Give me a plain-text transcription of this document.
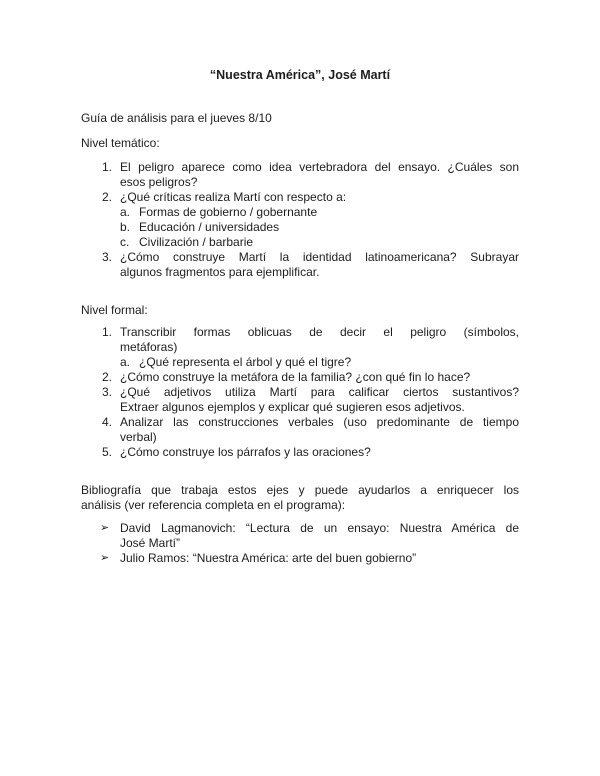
“Nuestra América”, José Martí
Guía de análisis para el jueves 8/10
Nivel temático:
1. El peligro aparece como idea vertebradora del ensayo. ¿Cuáles son
esos peligros?
2. ¿Qué críticas realiza Martí con respecto a:
a. Formas de gobierno / gobernante
b. Educación / universidades
c. Civilización / barbarie
3. ¿Cómo construye Martí la identidad latinoamericana? Subrayar
algunos fragmentos para ejemplificar.
Nivel formal:
1. Transcribir formas oblicuas de decir el peligro (símbolos,
metáforas)
a. ¿Qué representa el árbol y qué el tigre?
2. ¿Cómo construye la metáfora de la familia? ¿con qué fin lo hace?
3. ¿Qué adjetivos utiliza Martí para calificar ciertos sustantivos?
Extraer algunos ejemplos y explicar qué sugieren esos adjetivos.
4. Analizar las construcciones verbales (uso predominante de tiempo
verbal)
5. ¿Cómo construye los párrafos y las oraciones?
Bibliografía que trabaja estos ejes y puede ayudarlos a enriquecer los
análisis (ver referencia completa en el programa):
➢ David Lagmanovich: “Lectura de un ensayo: Nuestra América de
José Martí”
➢ Julio Ramos: “Nuestra América: arte del buen gobierno”
